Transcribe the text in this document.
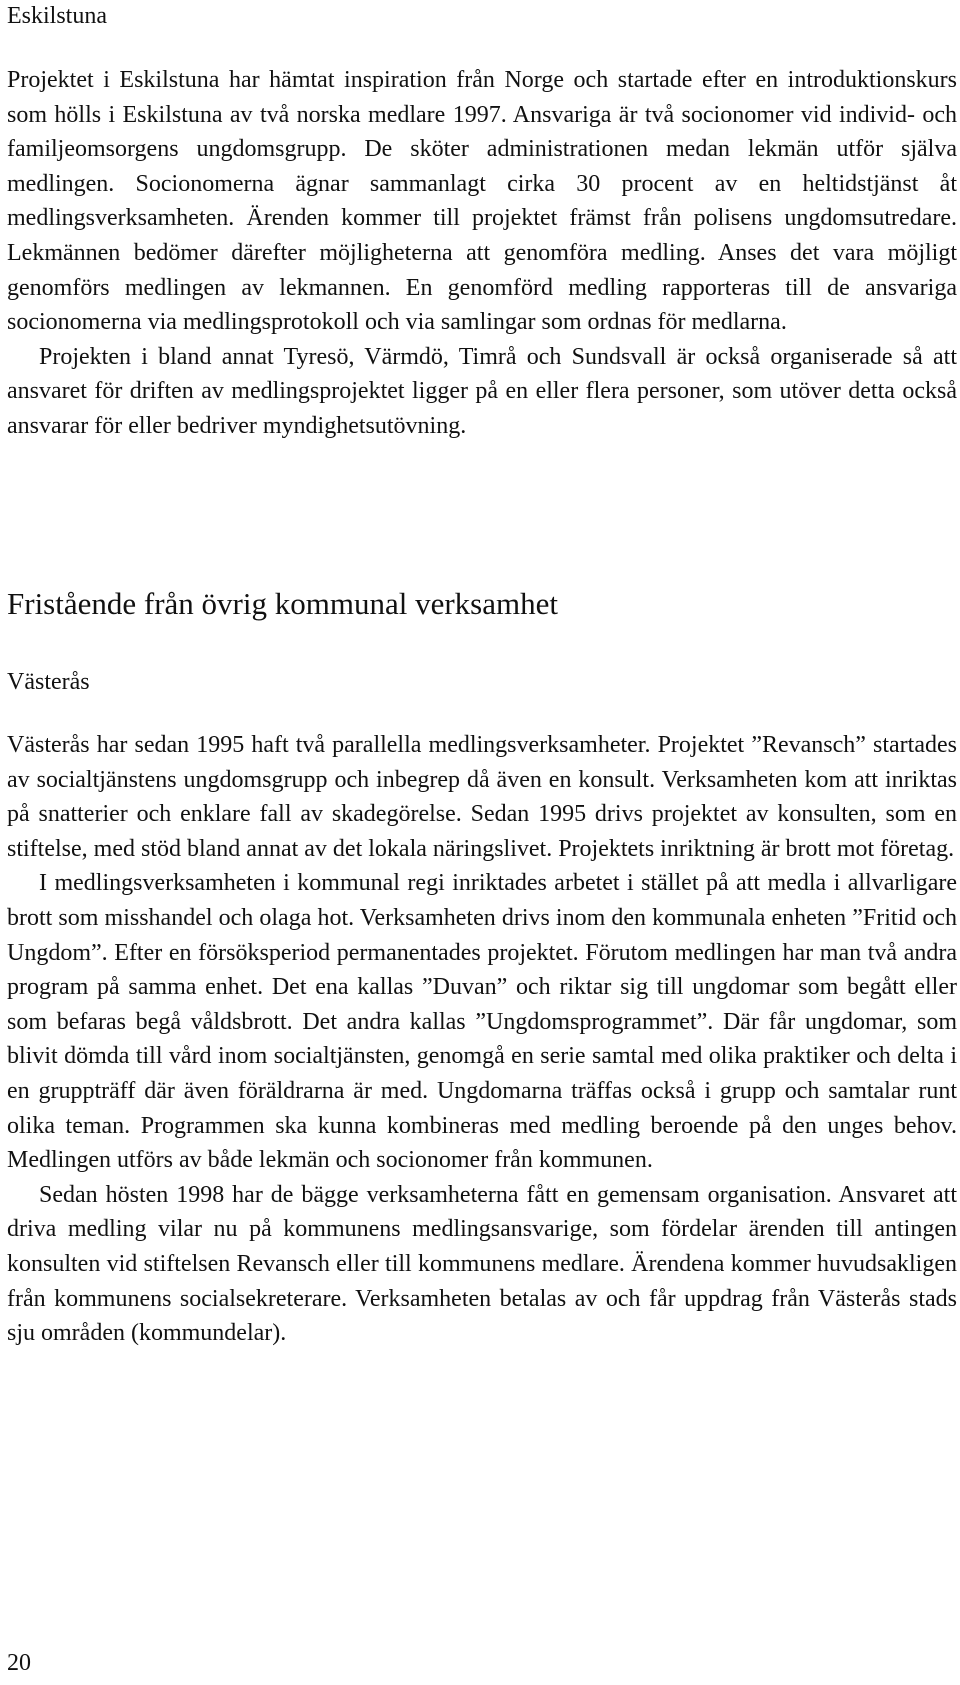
Eskilstuna

Projektet i Eskilstuna har hämtat inspiration från Norge och startade efter en introduktionskurs som hölls i Eskilstuna av två norska medlare 1997. Ansvariga är två socionomer vid individ- och familjeomsorgens ungdomsgrupp. De sköter administrationen medan lekmän utför själva medlingen. Socionomerna ägnar sammanlagt cirka 30 procent av en heltidstjänst åt medlingsverksamheten. Ärenden kommer till projektet främst från polisens ungdomsutredare. Lekmännen bedömer därefter möjligheterna att genomföra medling. Anses det vara möjligt genomförs medlingen av lekmannen. En genomförd medling rapporteras till de ansvariga socionomerna via medlingsprotokoll och via samlingar som ordnas för medlarna.

Projekten i bland annat Tyresö, Värmdö, Timrå och Sundsvall är också organiserade så att ansvaret för driften av medlingsprojektet ligger på en eller flera personer, som utöver detta också ansvarar för eller bedriver myndighetsutövning.

Fristående från övrig kommunal verksamhet
Västerås

Västerås har sedan 1995 haft två parallella medlingsverksamheter. Projektet ”Revansch” startades av socialtjänstens ungdomsgrupp och inbegrep då även en konsult. Verksamheten kom att inriktas på snatterier och enklare fall av skadegörelse. Sedan 1995 drivs projektet av konsulten, som en stiftelse, med stöd bland annat av det lokala näringslivet. Projektets inriktning är brott mot företag.

I medlingsverksamheten i kommunal regi inriktades arbetet i stället på att medla i allvarligare brott som misshandel och olaga hot. Verksamheten drivs inom den kommunala enheten ”Fritid och Ungdom”. Efter en försöksperiod permanentades projektet. Förutom medlingen har man två andra program på samma enhet. Det ena kallas ”Duvan” och riktar sig till ungdomar som begått eller som befaras begå våldsbrott. Det andra kallas ”Ungdomsprogrammet”. Där får ungdomar, som blivit dömda till vård inom socialtjänsten, genomgå en serie samtal med olika praktiker och delta i en gruppträff där även föräldrarna är med. Ungdomarna träffas också i grupp och samtalar runt olika teman. Programmen ska kunna kombineras med medling beroende på den unges behov. Medlingen utförs av både lekmän och socionomer från kommunen.

Sedan hösten 1998 har de bägge verksamheterna fått en gemensam organisation. Ansvaret att driva medling vilar nu på kommunens medlingsansvarige, som fördelar ärenden till antingen konsulten vid stiftelsen Revansch eller till kommunens medlare. Ärendena kommer huvudsakligen från kommunens socialsekreterare. Verksamheten betalas av och får uppdrag från Västerås stads sju områden (kommundelar).

20
